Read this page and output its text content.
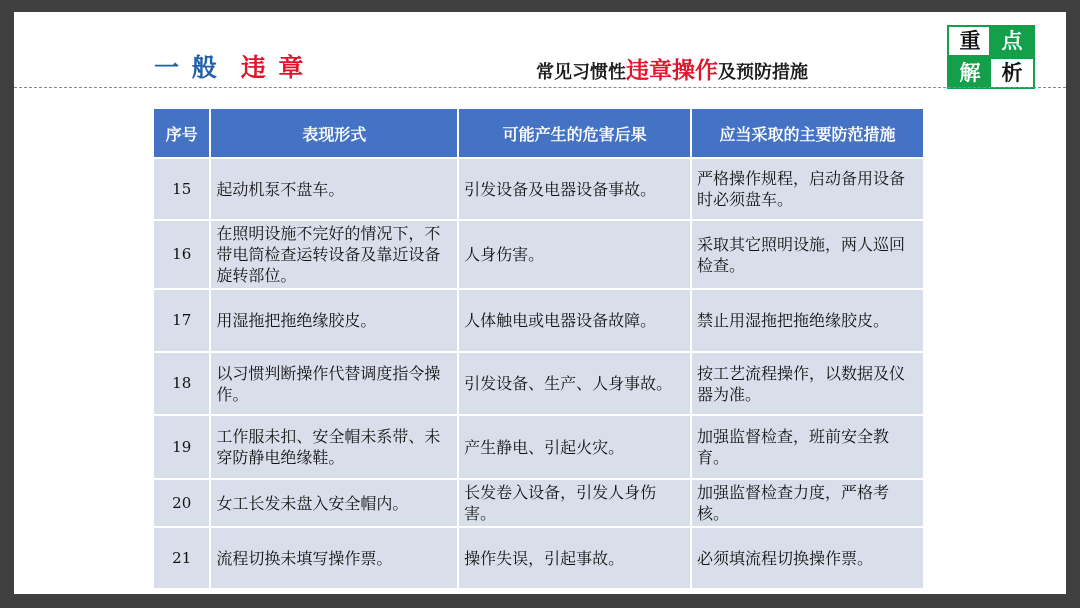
一 般 违 章	常见习惯性违章操作及预防措施
重	点
解	析
序号	表现形式	可能产生的危害后果	应当采取的主要防范措施
15	起动机泵不盘车。	引发设备及电器设备事故。	严格操作规程，启动备用设备时必须盘车。
16	在照明设施不完好的情况下，不带电筒检查运转设备及靠近设备旋转部位。	人身伤害。	采取其它照明设施，两人巡回检查。
17	用湿拖把拖绝缘胶皮。	人体触电或电器设备故障。	禁止用湿拖把拖绝缘胶皮。
18	以习惯判断操作代替调度指令操作。	引发设备、生产、人身事故。	按工艺流程操作，以数据及仪器为准。
19	工作服未扣、安全帽未系带、未穿防静电绝缘鞋。	产生静电、引起火灾。	加强监督检查，班前安全教育。
20	女工长发未盘入安全帽内。	长发卷入设备，引发人身伤害。	加强监督检查力度，严格考核。
21	流程切换未填写操作票。	操作失误，引起事故。	必须填流程切换操作票。
